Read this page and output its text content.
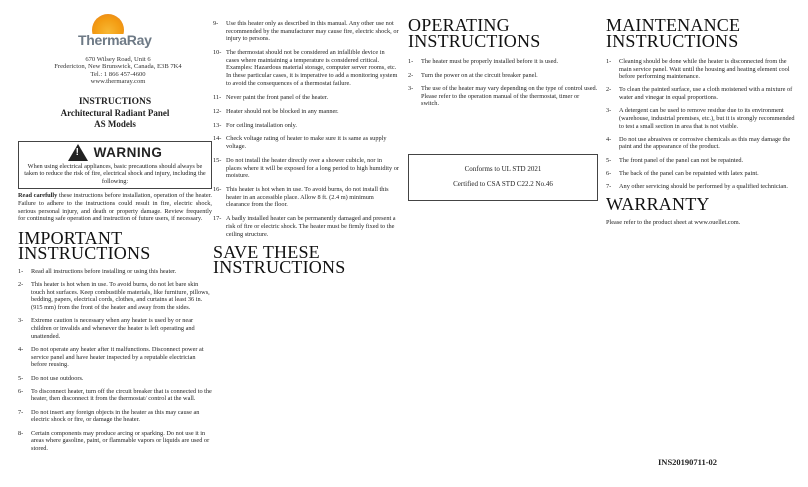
ThermaRay
670 Wilsey Road, Unit 6
Fredericton, New Brunswick, Canada, E3B 7K4
Tel.: 1 866 457-4600
www.thermaray.com
INSTRUCTIONS
Architectural Radiant Panel
AS Models
! WARNING
When using electrical appliances, basic precautions should always be taken to reduce the risk of fire, electrical shock and injury, including the following:
Read carefully these instructions before installation, operation of the heater. Failure to adhere to the instructions could result in fire, electric shock, serious personal injury, and death or property damage. Review frequently for continuing safe operation and instruction of future users, if necessary.
IMPORTANT INSTRUCTIONS
1-	Read all instructions before installing or using this heater.
2-	This heater is hot when in use. To avoid burns, do not let bare skin touch hot surfaces. Keep combustible materials, like furniture, pillows, bedding, papers, electrical cords, clothes, and curtains at least 36 in. (915 mm) from the front of the heater and away from the sides.
3-	Extreme caution is necessary when any heater is used by or near children or invalids and whenever the heater is left operating and unattended.
4-	Do not operate any heater after it malfunctions. Disconnect power at service panel and have heater inspected by a reputable electrician before reusing.
5-	Do not use outdoors.
6-	To disconnect heater, turn off the circuit breaker that is connected to the heater, then disconnect it from the thermostat/ control at the wall.
7-	Do not insert any foreign objects in the heater as this may cause an electric shock or fire, or damage the heater.
8-	Certain components may produce arcing or sparking. Do not use it in areas where gasoline, paint, or flammable vapors or liquids are used or stored.
9-	Use this heater only as described in this manual. Any other use not recommended by the manufacturer may cause fire, electric shock, or injury to persons.
10- The thermostat should not be considered an infallible device in cases where maintaining a temperature is considered critical. Examples: Hazardous material storage, computer server rooms, etc. In these particular cases, it is imperative to add a monitoring system to avoid the consequences of a thermostat failure.
11- Never paint the front panel of the heater.
12- Heater should not be blocked in any manner.
13- For ceiling installation only.
14- Check voltage rating of heater to make sure it is same as supply voltage.
15- Do not install the heater directly over a shower cubicle, nor in places where it will be exposed for a long period to high humidity or moisture.
16- This heater is hot when in use. To avoid burns, do not install this heater in an accessible place. Allow 8 ft. (2.4 m) minimum clearance from the floor.
17- A badly installed heater can be permanently damaged and present a risk of fire or electric shock. The heater must be firmly fixed to the ceiling structure.
SAVE THESE INSTRUCTIONS
OPERATING INSTRUCTIONS
1-	The heater must be properly installed before it is used.
2-	Turn the power on at the circuit breaker panel.
3-	The use of the heater may vary depending on the type of control used. Please refer to the operation manual of the thermostat, timer or switch.
Conforms to UL STD 2021
Certified to CSA STD C22.2 No.46
MAINTENANCE INSTRUCTIONS
1-	Cleaning should be done while the heater is disconnected from the main service panel. Wait until the housing and heating element cool before performing maintenance.
2-	To clean the painted surface, use a cloth moistened with a mixture of water and vinegar in equal proportions.
3-	A detergent can be used to remove residue due to its environment (warehouse, industrial premises, etc.), but it is strongly recommended to test a small section in area that is not visible.
4-	Do not use abrasives or corrosive chemicals as this may damage the paint and the appearance of the product.
5-	The front panel of the panel can not be repainted.
6-	The back of the panel can be repainted with latex paint.
7-	Any other servicing should be performed by a qualified technician.
WARRANTY
Please refer to the product sheet at www.ouellet.com.
INS20190711-02
